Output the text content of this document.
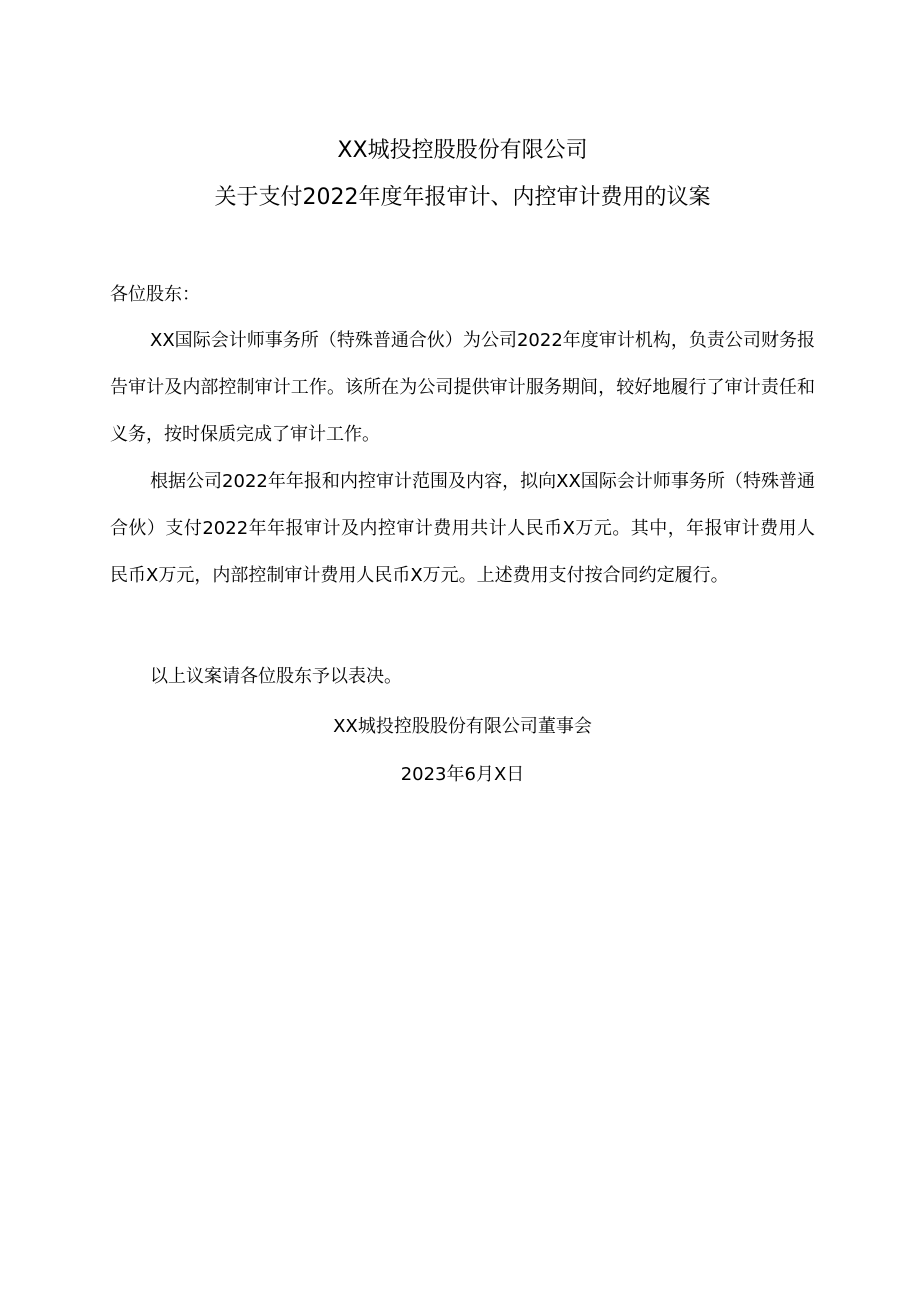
XX城投控股股份有限公司
关于支付2022年度年报审计、内控审计费用的议案
各位股东：

XX国际会计师事务所（特殊普通合伙）为公司2022年度审计机构，负责公司财务报告审计及内部控制审计工作。该所在为公司提供审计服务期间，较好地履行了审计责任和义务，按时保质完成了审计工作。

根据公司2022年年报和内控审计范围及内容，拟向XX国际会计师事务所（特殊普通合伙）支付2022年年报审计及内控审计费用共计人民币X万元。其中，年报审计费用人民币X万元，内部控制审计费用人民币X万元。上述费用支付按合同约定履行。

以上议案请各位股东予以表决。

XX城投控股股份有限公司董事会
2023年6月X日
